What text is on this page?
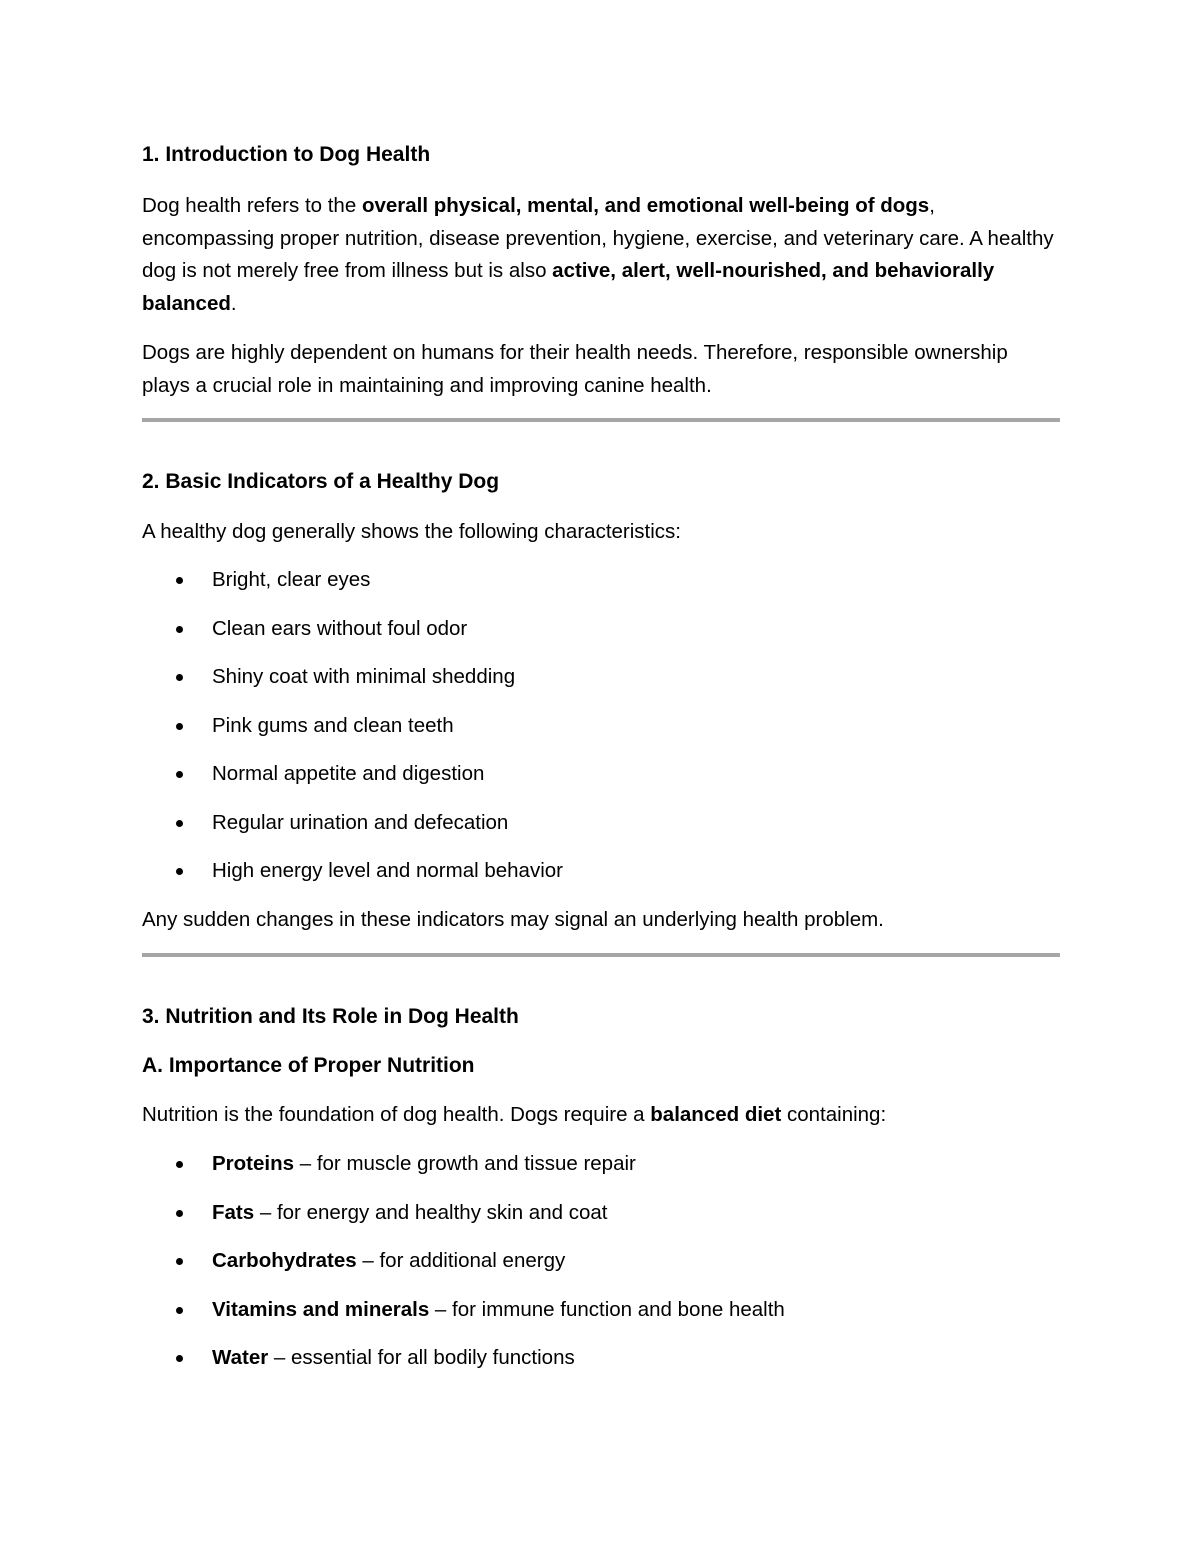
1. Introduction to Dog Health

Dog health refers to the overall physical, mental, and emotional well-being of dogs, encompassing proper nutrition, disease prevention, hygiene, exercise, and veterinary care. A healthy dog is not merely free from illness but is also active, alert, well-nourished, and behaviorally balanced.

Dogs are highly dependent on humans for their health needs. Therefore, responsible ownership plays a crucial role in maintaining and improving canine health.

2. Basic Indicators of a Healthy Dog

A healthy dog generally shows the following characteristics:

Bright, clear eyes
Clean ears without foul odor
Shiny coat with minimal shedding
Pink gums and clean teeth
Normal appetite and digestion
Regular urination and defecation
High energy level and normal behavior

Any sudden changes in these indicators may signal an underlying health problem.

3. Nutrition and Its Role in Dog Health
A. Importance of Proper Nutrition

Nutrition is the foundation of dog health. Dogs require a balanced diet containing:

Proteins – for muscle growth and tissue repair
Fats – for energy and healthy skin and coat
Carbohydrates – for additional energy
Vitamins and minerals – for immune function and bone health
Water – essential for all bodily functions
